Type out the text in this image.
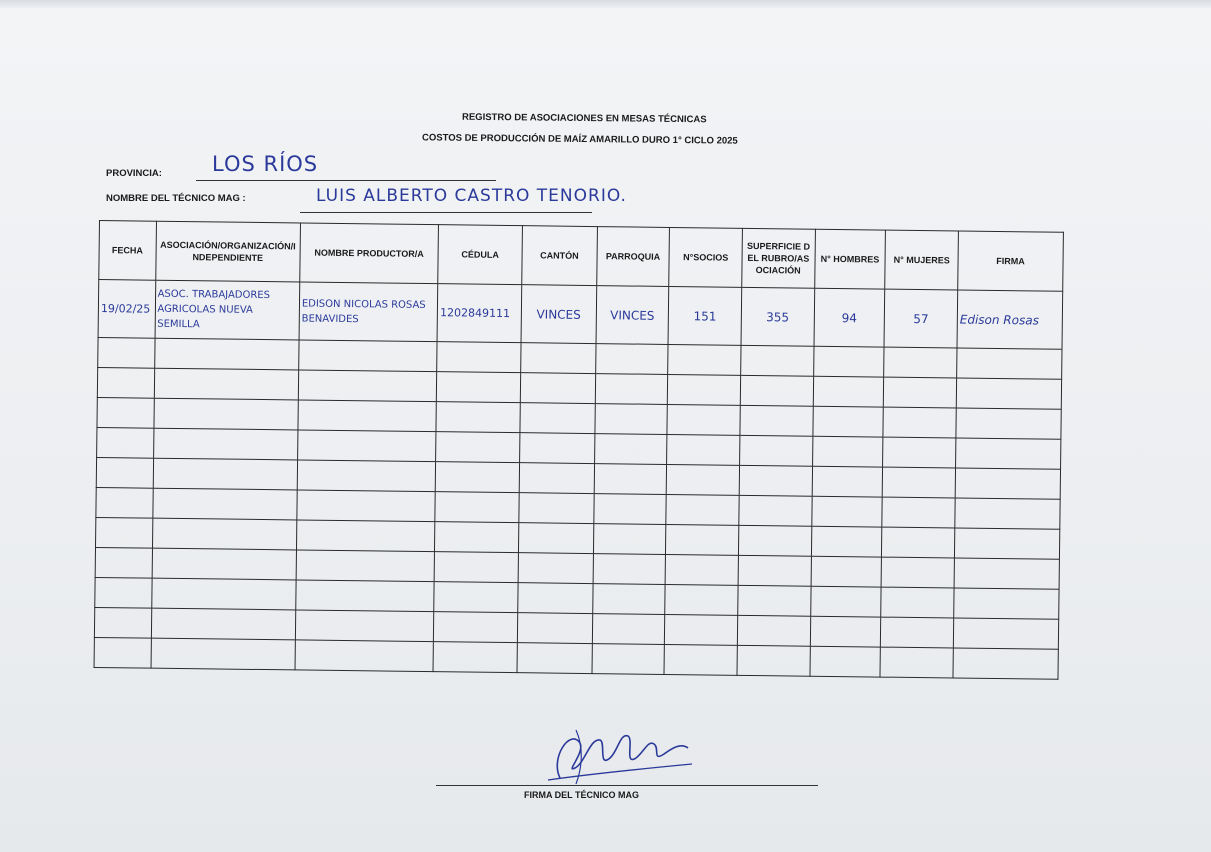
REGISTRO DE ASOCIACIONES EN MESAS TÉCNICAS
COSTOS DE PRODUCCIÓN DE MAÍZ AMARILLO DURO 1° CICLO 2025
PROVINCIA: LOS RÍOS
NOMBRE DEL TÉCNICO MAG :	LUIS ALBERTO CASTRO TENORIO.
FECHA	ASOCIACIÓN/ORGANIZACIÓN/INDEPENDIENTE	NOMBRE PRODUCTOR/A	CÉDULA	CANTÓN	PARROQUIA	N°SOCIOS	SUPERFICIE DEL RUBRO/ASOCIACIÓN	N° HOMBRES	N° MUJERES	FIRMA
19/02/25	ASOC. TRABAJADORES AGRICOLAS NUEVA SEMILLA	EDISON NICOLAS ROSAS BENAVIDES	1202849111	VINCES	VINCES	151	355	94	57	Edison Rosas

FIRMA DEL TÉCNICO MAG
